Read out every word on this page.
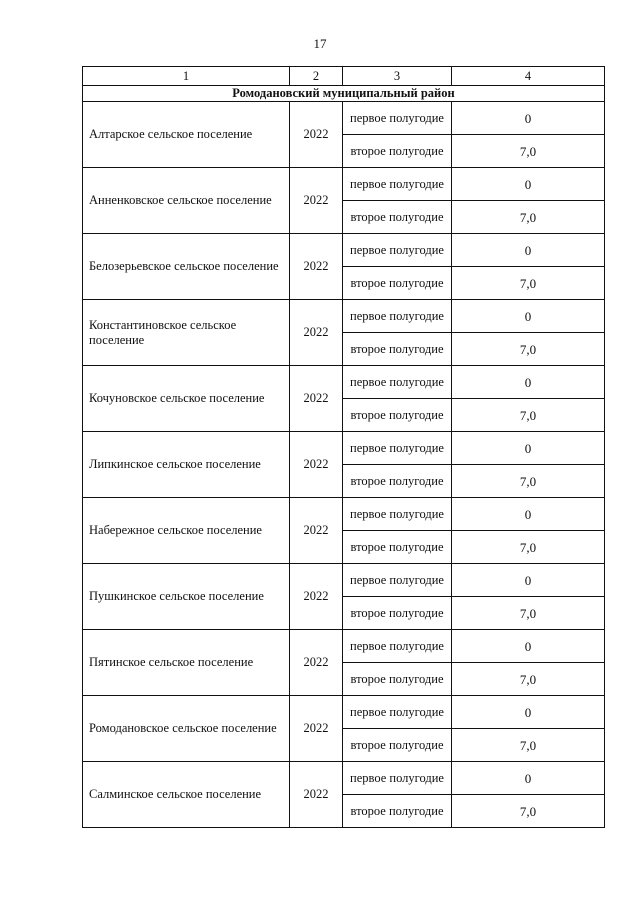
17
1	2	3	4
Ромодановский муниципальный район			
Алтарское сельское поселение	2022	первое полугодие	0
		второе полугодие	7,0
Анненковское сельское поселение	2022	первое полугодие	0
		второе полугодие	7,0
Белозерьевское сельское поселение	2022	первое полугодие	0
		второе полугодие	7,0
Константиновское сельское поселение	2022	первое полугодие	0
		второе полугодие	7,0
Кочуновское сельское поселение	2022	первое полугодие	0
		второе полугодие	7,0
Липкинское сельское поселение	2022	первое полугодие	0
		второе полугодие	7,0
Набережное сельское поселение	2022	первое полугодие	0
		второе полугодие	7,0
Пушкинское сельское поселение	2022	первое полугодие	0
		второе полугодие	7,0
Пятинское сельское поселение	2022	первое полугодие	0
		второе полугодие	7,0
Ромодановское сельское поселение	2022	первое полугодие	0
		второе полугодие	7,0
Салминское сельское поселение	2022	первое полугодие	0
		второе полугодие	7,0
